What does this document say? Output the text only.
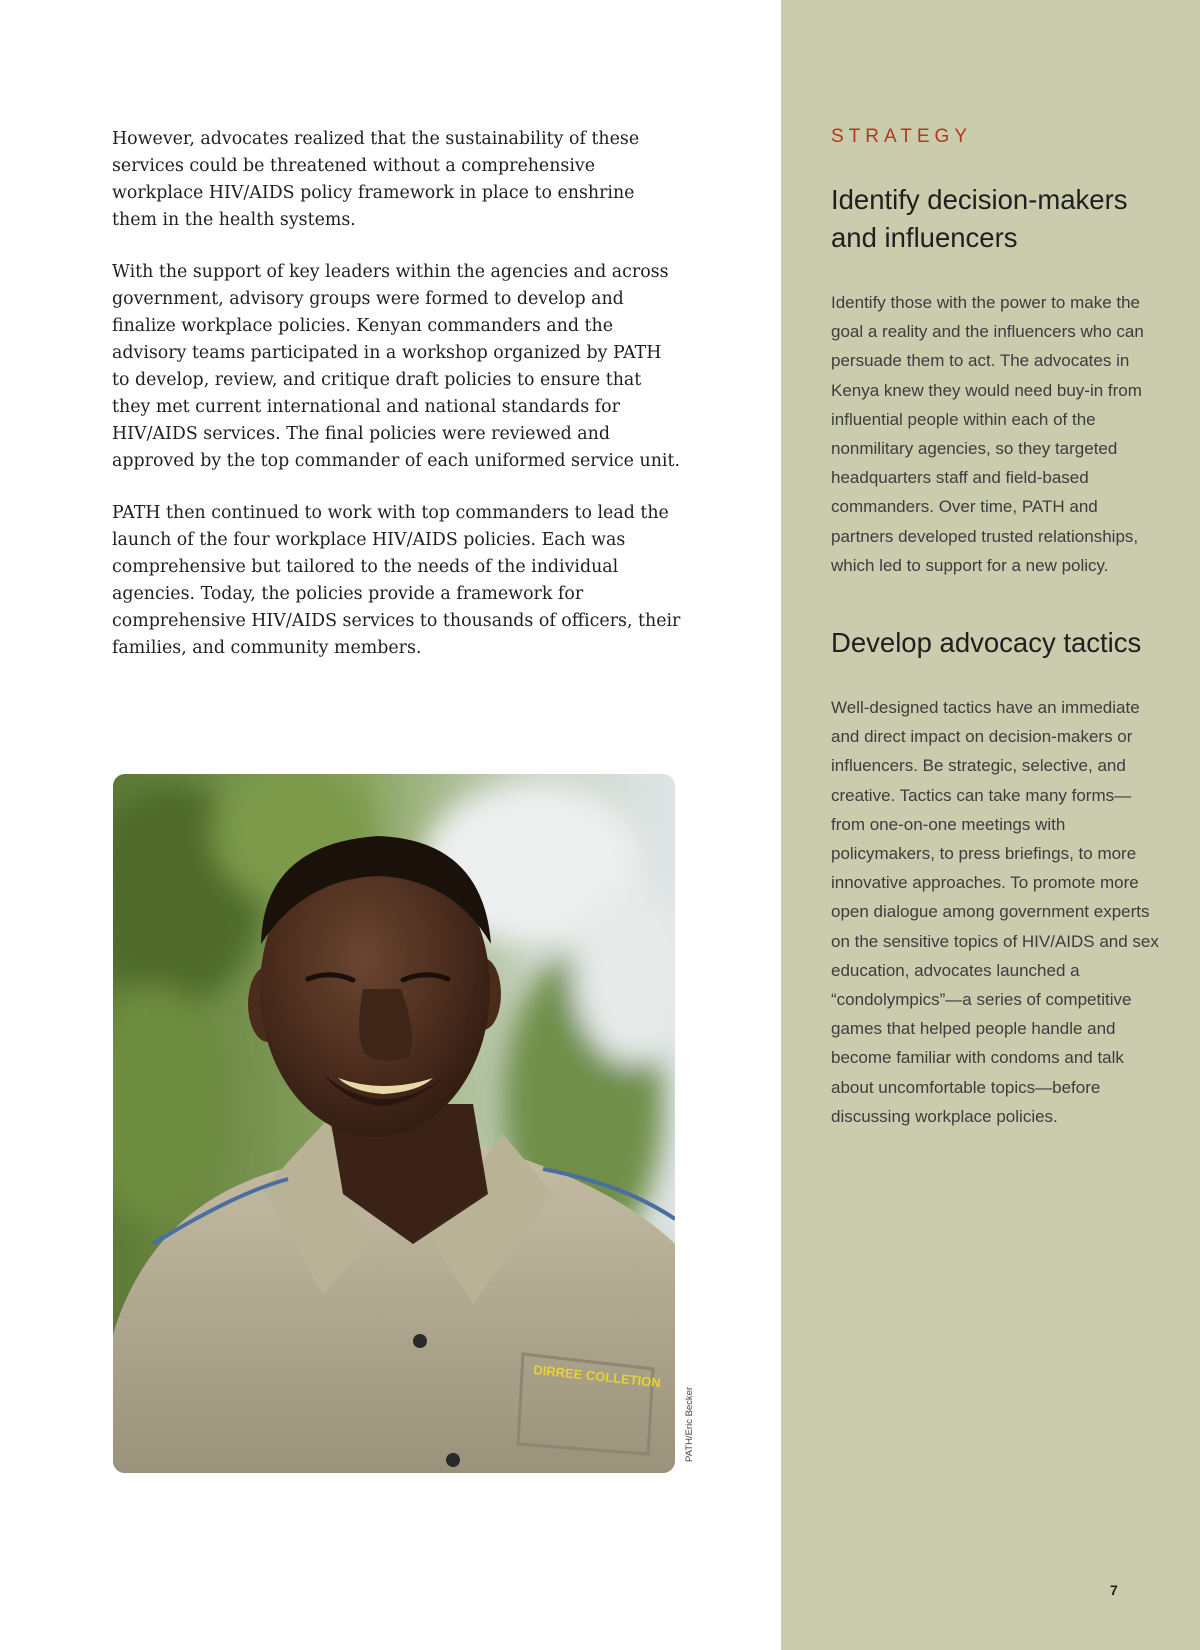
However, advocates realized that the sustainability of these services could be threatened without a comprehensive workplace HIV/AIDS policy framework in place to enshrine them in the health systems.

With the support of key leaders within the agencies and across government, advisory groups were formed to develop and finalize workplace policies. Kenyan commanders and the advisory teams participated in a workshop organized by PATH to develop, review, and critique draft policies to ensure that they met current international and national standards for HIV/AIDS services. The final policies were reviewed and approved by the top commander of each uniformed service unit.

PATH then continued to work with top commanders to lead the launch of the four workplace HIV/AIDS policies. Each was comprehensive but tailored to the needs of the individual agencies. Today, the policies provide a framework for comprehensive HIV/AIDS services to thousands of officers, their families, and community members.

DIRREE COLLETION
PATH/Eric Becker
STRATEGY
Identify decision-makers and influencers

Identify those with the power to make the goal a reality and the influencers who can persuade them to act. The advocates in Kenya knew they would need buy-in from influential people within each of the nonmilitary agencies, so they targeted headquarters staff and field-based commanders. Over time, PATH and partners developed trusted relationships, which led to support for a new policy.

Develop advocacy tactics

Well-designed tactics have an immediate and direct impact on decision-makers or influencers. Be strategic, selective, and creative. Tactics can take many forms—from one-on-one meetings with policymakers, to press briefings, to more innovative approaches. To promote more open dialogue among government experts on the sensitive topics of HIV/AIDS and sex education, advocates launched a “condolympics”—a series of competitive games that helped people handle and become familiar with condoms and talk about uncomfortable topics—before discussing workplace policies.

7
